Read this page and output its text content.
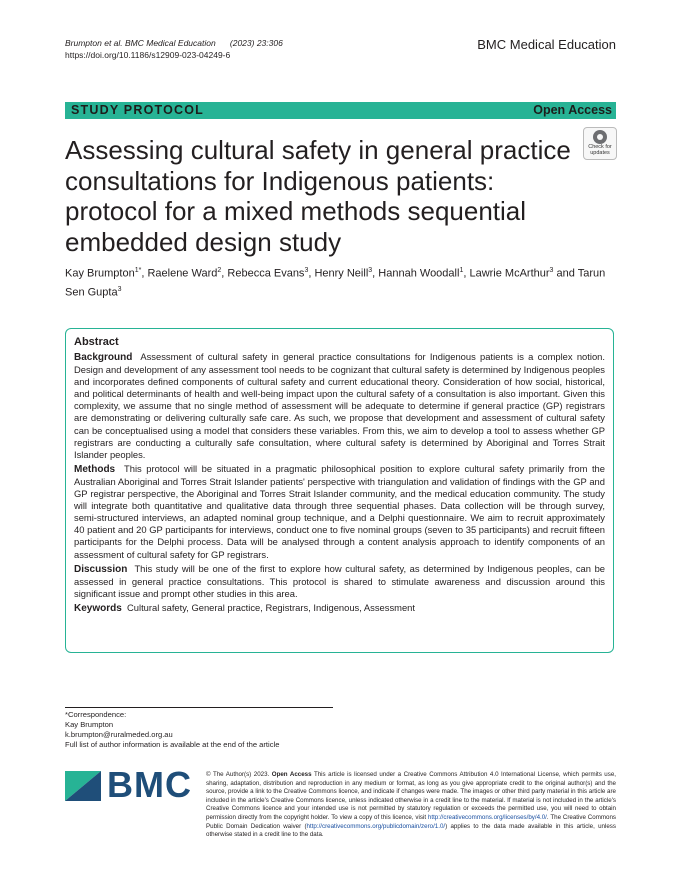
Brumpton et al. BMC Medical Education (2023) 23:306
https://doi.org/10.1186/s12909-023-04249-6
BMC Medical Education
STUDY PROTOCOL	Open Access
Check for
updates
Assessing cultural safety in general practice consultations for Indigenous patients: protocol for a mixed methods sequential embedded design study
Kay Brumpton$^{1*}$, Raelene Ward$^2$, Rebecca Evans$^3$, Henry Neill$^3$, Hannah Woodall$^1$, Lawrie McArthur$^3$ and Tarun Sen Gupta$^3$
Abstract

Background Assessment of cultural safety in general practice consultations for Indigenous patients is a complex notion. Design and development of any assessment tool needs to be cognizant that cultural safety is determined by Indigenous peoples and incorporates defined components of cultural safety and current educational theory. Consideration of how social, historical, and political determinants of health and well-being impact upon the cultural safety of a consultation is also important. Given this complexity, we assume that no single method of assessment will be adequate to determine if general practice (GP) registrars are demonstrating or delivering culturally safe care. As such, we propose that development and assessment of cultural safety can be conceptualised using a model that considers these variables. From this, we aim to develop a tool to assess whether GP registrars are conducting a culturally safe consultation, where cultural safety is determined by Aboriginal and Torres Strait Islander peoples.

Methods This protocol will be situated in a pragmatic philosophical position to explore cultural safety primarily from the Australian Aboriginal and Torres Strait Islander patients' perspective with triangulation and validation of findings with the GP and GP registrar perspective, the Aboriginal and Torres Strait Islander community, and the medical education community. The study will integrate both quantitative and qualitative data through three sequential phases. Data collection will be through survey, semi-structured interviews, an adapted nominal group technique, and a Delphi questionnaire. We aim to recruit approximately 40 patient and 20 GP participants for interviews, conduct one to five nominal groups (seven to 35 participants) and recruit fifteen participants for the Delphi process. Data will be analysed through a content analysis approach to identify components of an assessment of cultural safety for GP registrars.

Discussion This study will be one of the first to explore how cultural safety, as determined by Indigenous peoples, can be assessed in general practice consultations. This protocol is shared to stimulate awareness and discussion around this significant issue and prompt other studies in this area.

Keywords Cultural safety, General practice, Registrars, Indigenous, Assessment

*Correspondence:
Kay Brumpton
k.brumpton@ruralmeded.org.au
Full list of author information is available at the end of the article
BMC © The Author(s) 2023. Open Access This article is licensed under a Creative Commons Attribution 4.0 International License, which permits use, sharing, adaptation, distribution and reproduction in any medium or format, as long as you give appropriate credit to the original author(s) and the source, provide a link to the Creative Commons licence, and indicate if changes were made. The images or other third party material in this article are included in the article's Creative Commons licence, unless indicated otherwise in a credit line to the material. If material is not included in the article's Creative Commons licence and your intended use is not permitted by statutory regulation or exceeds the permitted use, you will need to obtain permission directly from the copyright holder. To view a copy of this licence, visit http://creativecommons.org/licenses/by/4.0/. The Creative Commons Public Domain Dedication waiver (http://creativecommons.org/publicdomain/zero/1.0/) applies to the data made available in this article, unless otherwise stated in a credit line to the data.
